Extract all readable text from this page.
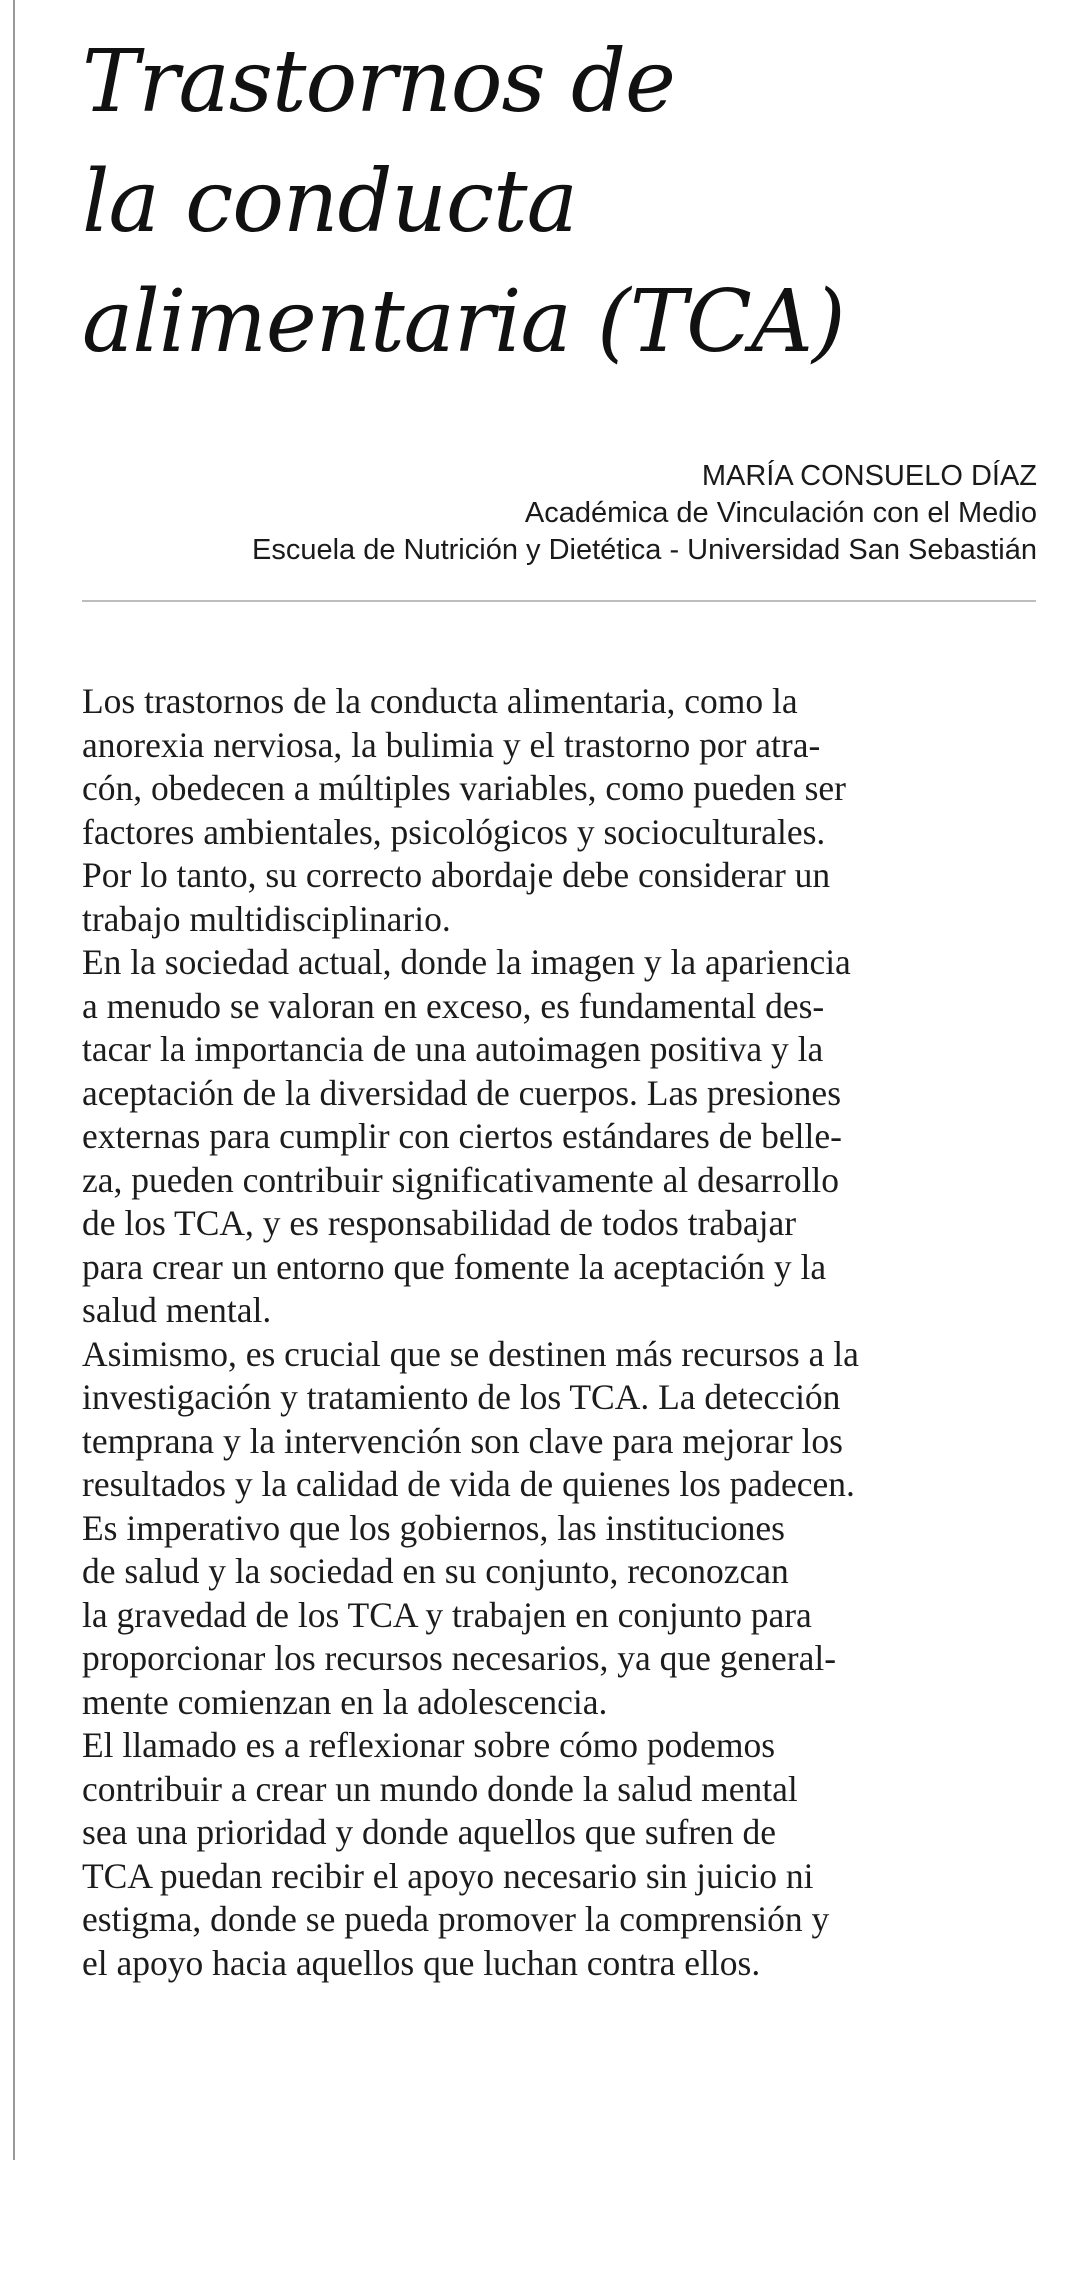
Trastornos de
la conducta
alimentaria (TCA)
MARÍA CONSUELO DÍAZ
Académica de Vinculación con el Medio
Escuela de Nutrición y Dietética - Universidad San Sebastián
Los trastornos de la conducta alimentaria, como la
anorexia nerviosa, la bulimia y el trastorno por atra-
cón, obedecen a múltiples variables, como pueden ser
factores ambientales, psicológicos y socioculturales.
Por lo tanto, su correcto abordaje debe considerar un
trabajo multidisciplinario.
En la sociedad actual, donde la imagen y la apariencia
a menudo se valoran en exceso, es fundamental des-
tacar la importancia de una autoimagen positiva y la
aceptación de la diversidad de cuerpos. Las presiones
externas para cumplir con ciertos estándares de belle-
za, pueden contribuir significativamente al desarrollo
de los TCA, y es responsabilidad de todos trabajar
para crear un entorno que fomente la aceptación y la
salud mental.
Asimismo, es crucial que se destinen más recursos a la
investigación y tratamiento de los TCA. La detección
temprana y la intervención son clave para mejorar los
resultados y la calidad de vida de quienes los padecen.
Es imperativo que los gobiernos, las instituciones
de salud y la sociedad en su conjunto, reconozcan
la gravedad de los TCA y trabajen en conjunto para
proporcionar los recursos necesarios, ya que general-
mente comienzan en la adolescencia.
El llamado es a reflexionar sobre cómo podemos
contribuir a crear un mundo donde la salud mental
sea una prioridad y donde aquellos que sufren de
TCA puedan recibir el apoyo necesario sin juicio ni
estigma, donde se pueda promover la comprensión y
el apoyo hacia aquellos que luchan contra ellos.
